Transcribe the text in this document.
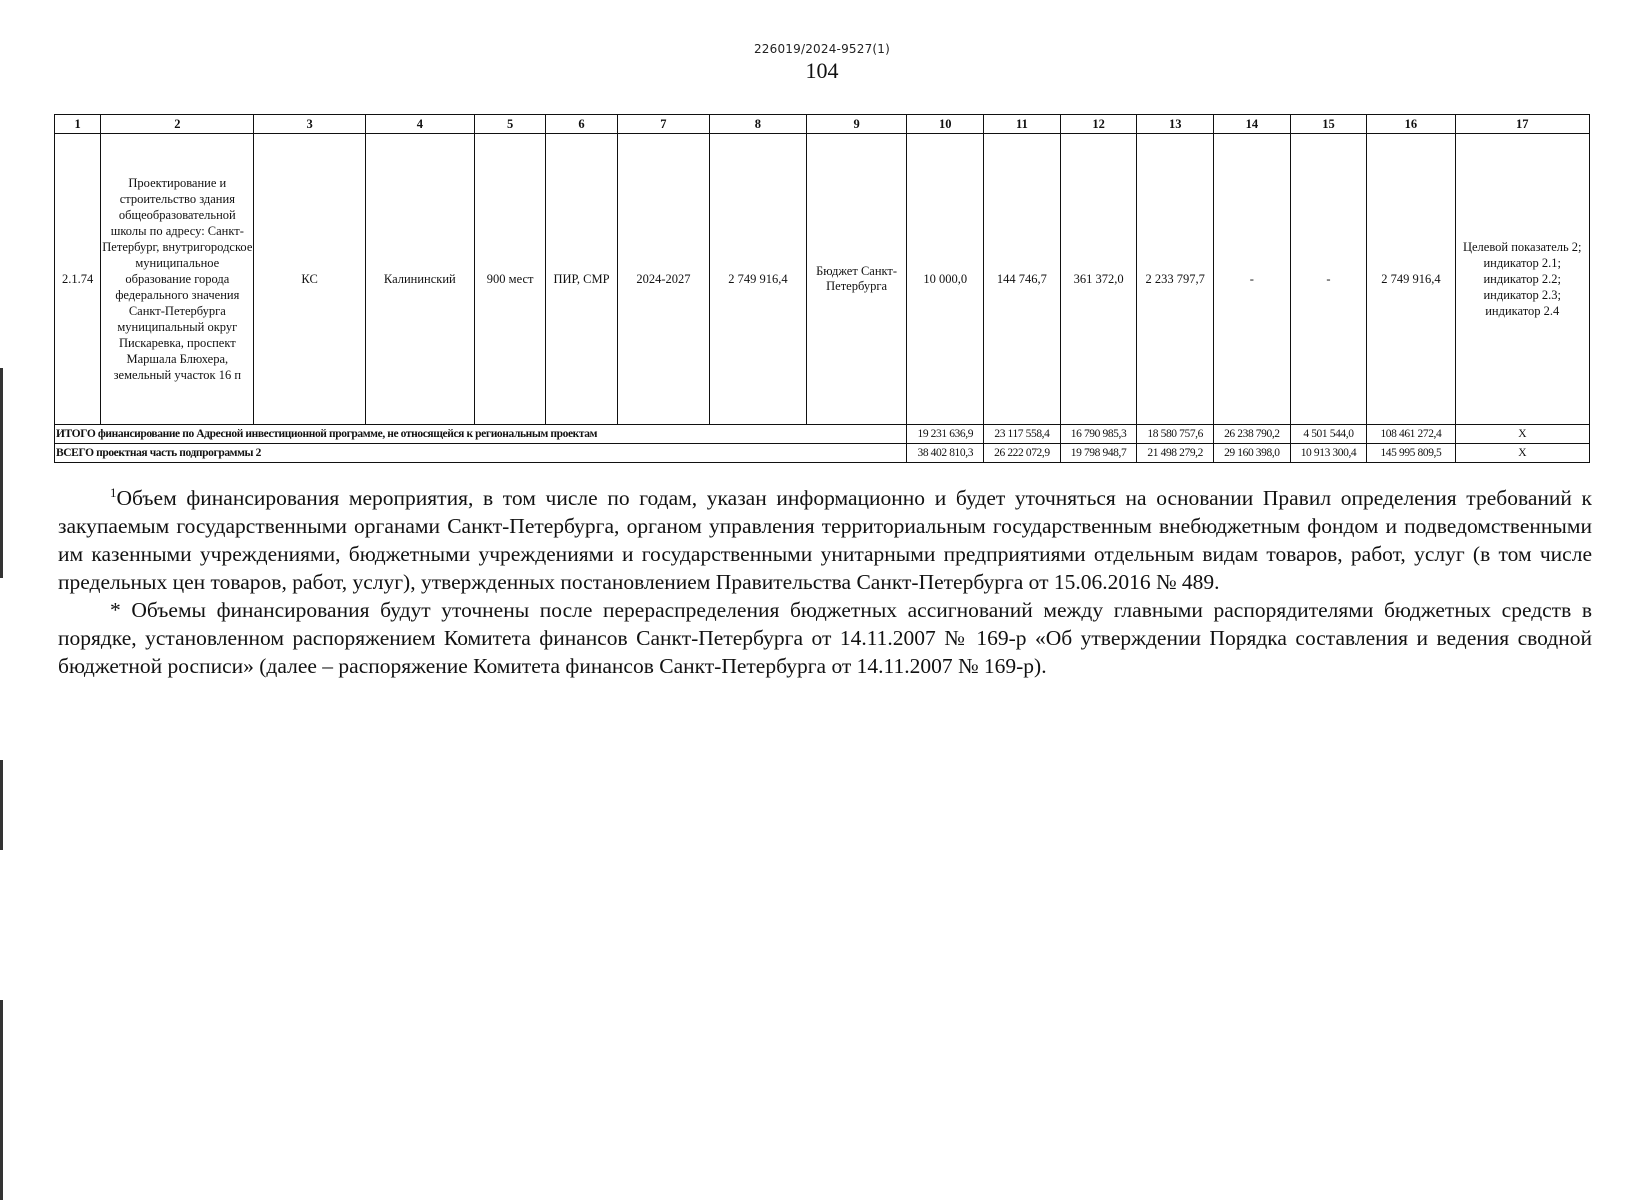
226019/2024-9527(1)
104
1	2	3	4	5	6	7	8	9	10	11	12	13	14	15	16	17
2.1.74	Проектирование и строительство здания общеобразовательной школы по адресу: Санкт-Петербург, внутригородское муниципальное образование города федерального значения Санкт-Петербурга муниципальный округ Пискаревка, проспект Маршала Блюхера, земельный участок 16 п	КС	Калининский	900 мест	ПИР, СМР	2024-2027	2 749 916,4	Бюджет Санкт-Петербурга	10 000,0	144 746,7	361 372,0	2 233 797,7	-	-	2 749 916,4	Целевой показатель 2; индикатор 2.1; индикатор 2.2; индикатор 2.3; индикатор 2.4
ИТОГО финансирование по Адресной инвестиционной программе, не относящейся к региональным проектам									19 231 636,9	23 117 558,4	16 790 985,3	18 580 757,6	26 238 790,2	4 501 544,0	108 461 272,4	X
ВСЕГО проектная часть подпрограммы 2									38 402 810,3	26 222 072,9	19 798 948,7	21 498 279,2	29 160 398,0	10 913 300,4	145 995 809,5	X

$^1$Объем финансирования мероприятия, в том числе по годам, указан информационно и будет уточняться на основании Правил определения требований к закупаемым государственными органами Санкт-Петербурга, органом управления территориальным государственным внебюджетным фондом и подведомственными им казенными учреждениями, бюджетными учреждениями и государственными унитарными предприятиями отдельным видам товаров, работ, услуг (в том числе предельных цен товаров, работ, услуг), утвержденных постановлением Правительства Санкт-Петербурга от 15.06.2016 № 489.

* Объемы финансирования будут уточнены после перераспределения бюджетных ассигнований между главными распорядителями бюджетных средств в порядке, установленном распоряжением Комитета финансов Санкт-Петербурга от 14.11.2007 № 169-р «Об утверждении Порядка составления и ведения сводной бюджетной росписи» (далее – распоряжение Комитета финансов Санкт-Петербурга от 14.11.2007 № 169-р).
